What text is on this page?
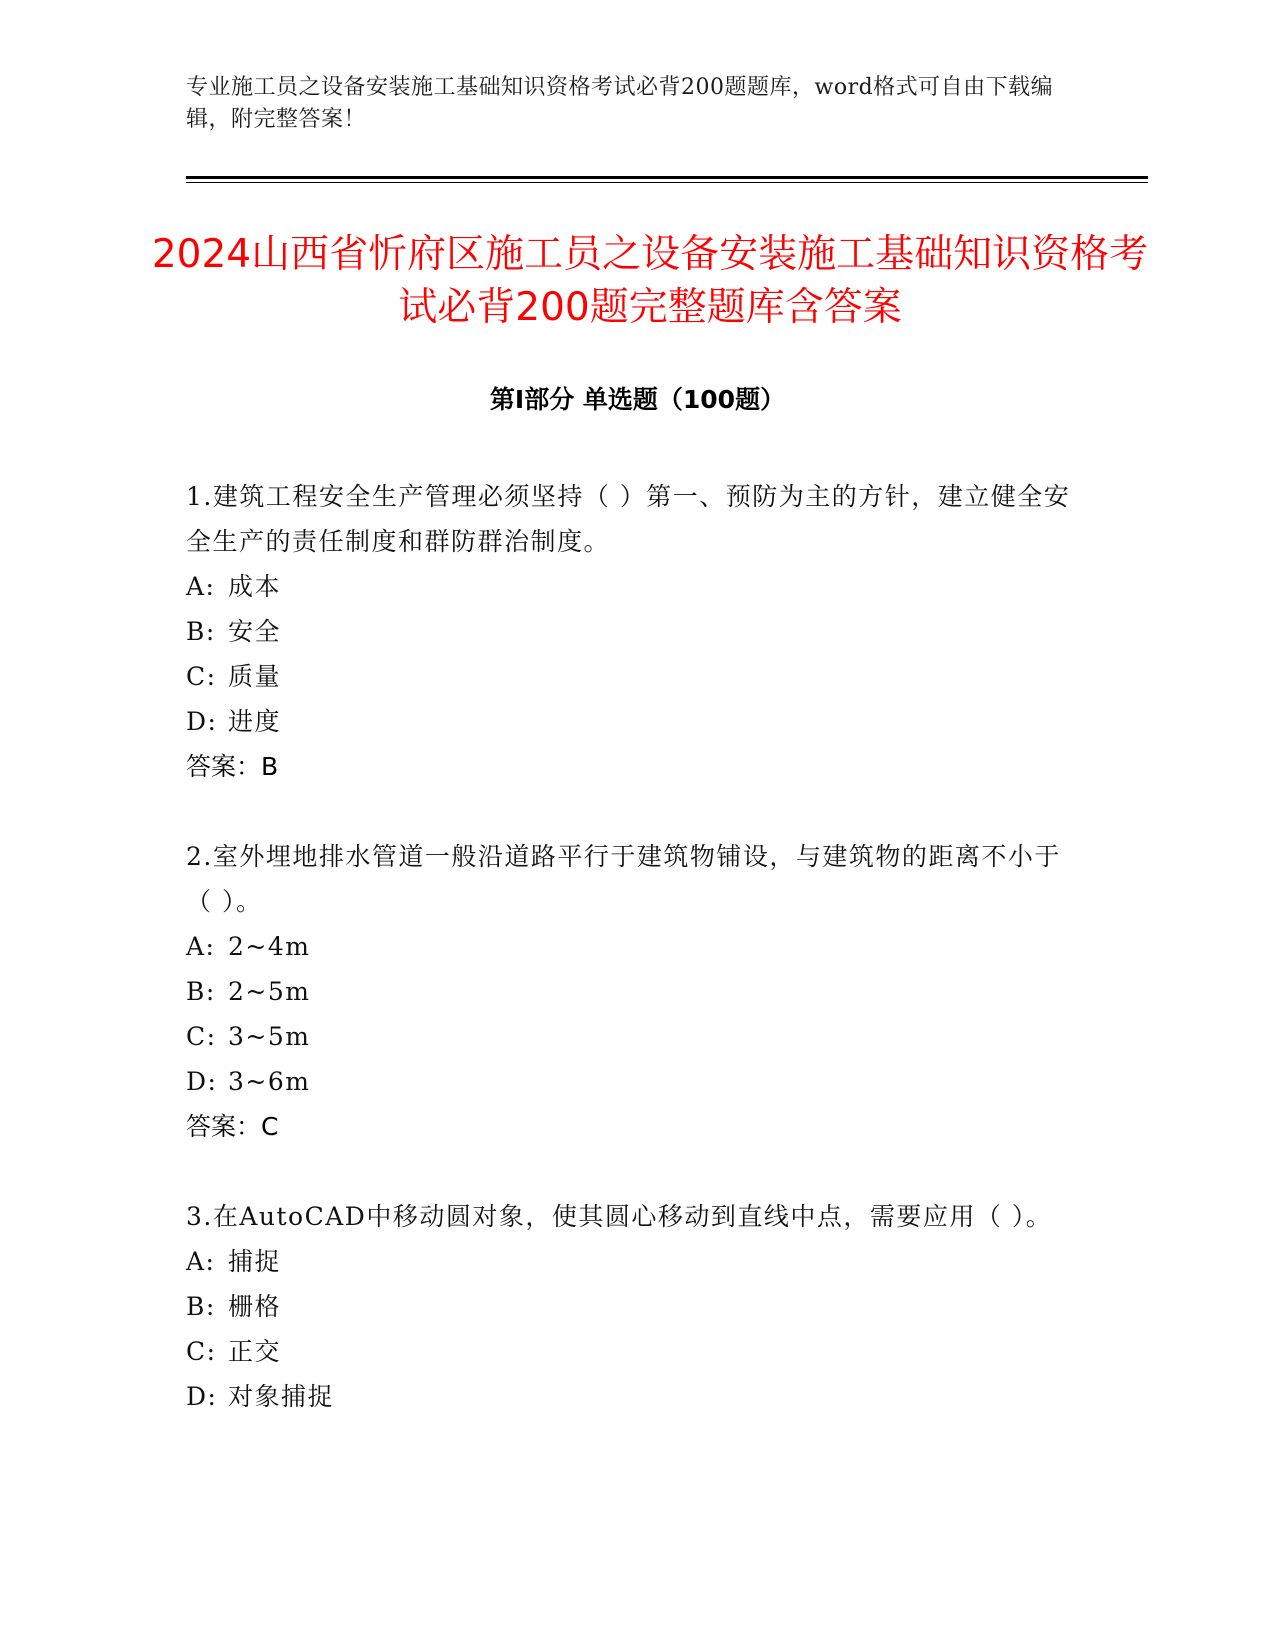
专业施工员之设备安装施工基础知识资格考试必背200题题库，word格式可自由下载编辑，附完整答案！
2024山西省忻府区施工员之设备安装施工基础知识资格考试必背200题完整题库含答案
第Ⅰ部分 单选题（100题）
1.建筑工程安全生产管理必须坚持（ ）第一、预防为主的方针，建立健全安全生产的责任制度和群防群治制度。
A: 成本
B: 安全
C: 质量
D: 进度
答案：B
2.室外埋地排水管道一般沿道路平行于建筑物铺设，与建筑物的距离不小于（ ）。
A: 2~4m
B: 2~5m
C: 3~5m
D: 3~6m
答案：C
3.在AutoCAD中移动圆对象，使其圆心移动到直线中点，需要应用（ ）。
A: 捕捉
B: 栅格
C: 正交
D: 对象捕捉
